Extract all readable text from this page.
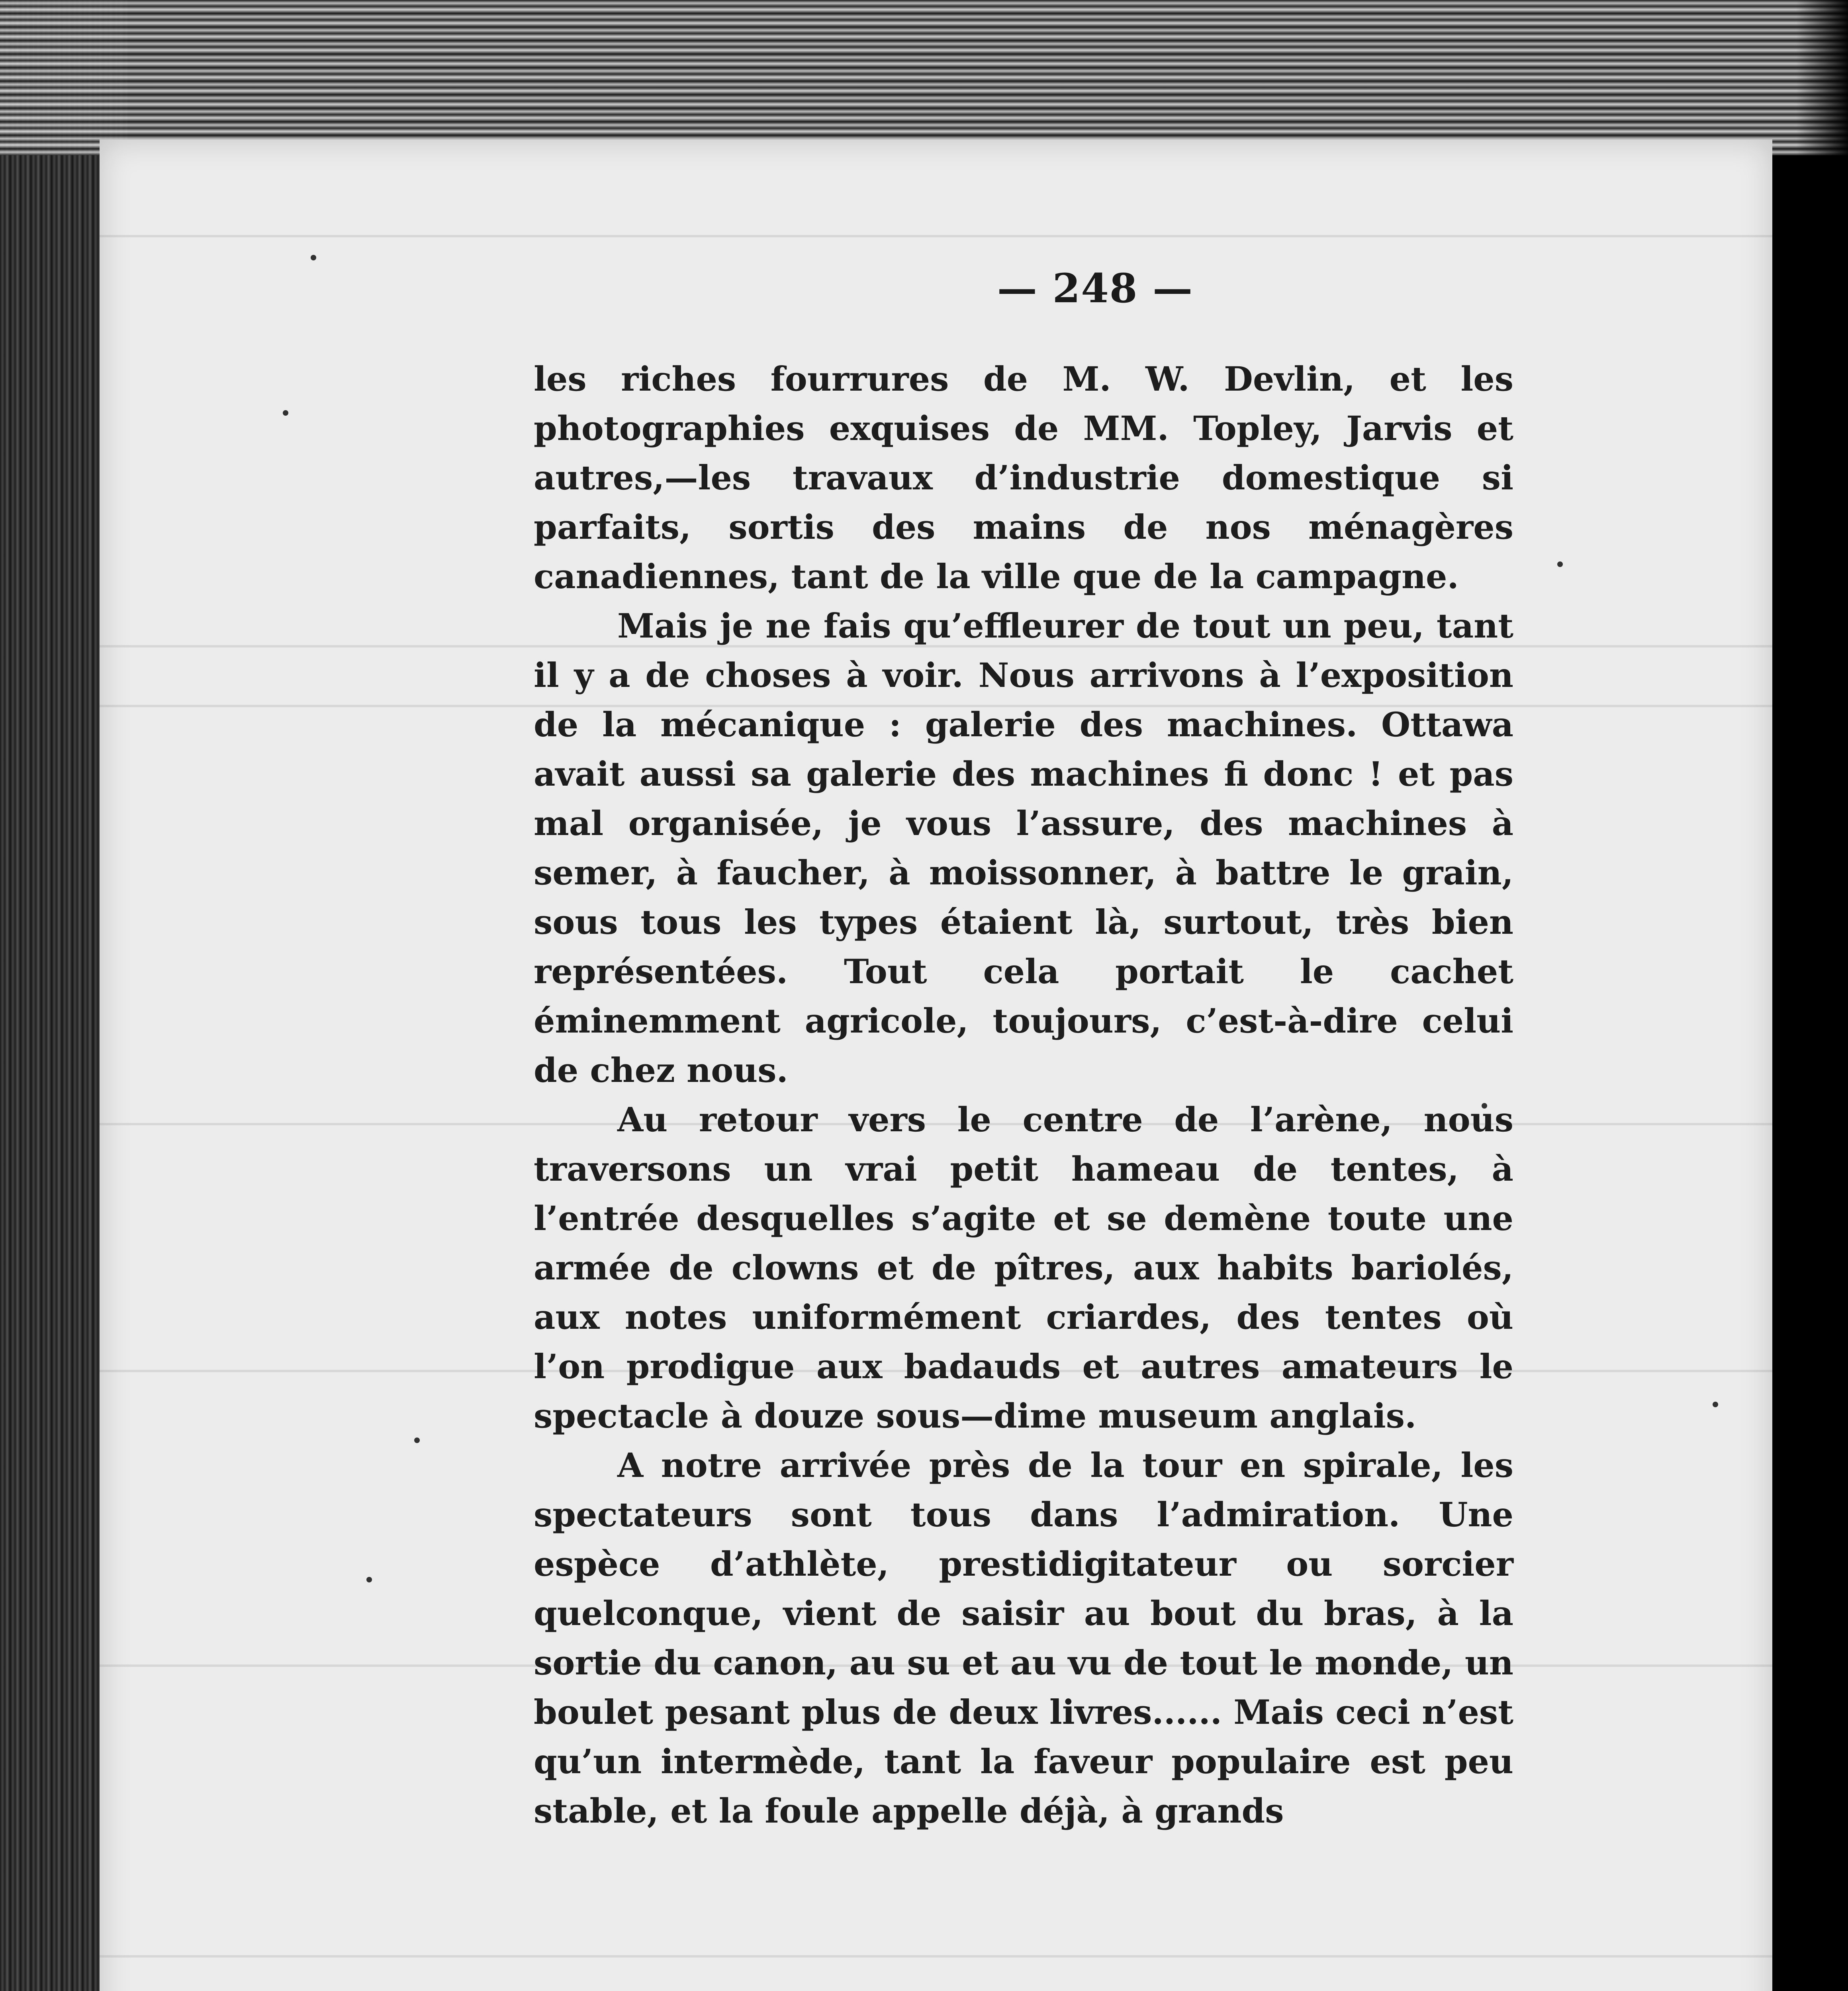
— 248 —

les riches fourrures de M. W. Devlin, et les photographies exquises de MM. Topley, Jarvis et autres,—les travaux d’industrie domestique si parfaits, sortis des mains de nos ménagères canadiennes, tant de la ville que de la campagne.

Mais je ne fais qu’effleurer de tout un peu, tant il y a de choses à voir. Nous arrivons à l’exposition de la mécanique : galerie des machines. Ottawa avait aussi sa galerie des machines fi donc ! et pas mal organisée, je vous l’assure, des machines à semer, à faucher, à moissonner, à battre le grain, sous tous les types étaient là, surtout, très bien représentées. Tout cela portait le cachet éminemment agricole, toujours, c’est-à-dire celui de chez nous.

Au retour vers le centre de l’arène, nous traversons un vrai petit hameau de tentes, à l’entrée desquelles s’agite et se demène toute une armée de clowns et de pîtres, aux habits bariolés, aux notes uniformément criardes, des tentes où l’on prodigue aux badauds et autres amateurs le spectacle à douze sous—dime museum anglais.

A notre arrivée près de la tour en spirale, les spectateurs sont tous dans l’admiration. Une espèce d’athlète, prestidigitateur ou sorcier quelconque, vient de saisir au bout du bras, à la sortie du canon, au su et au vu de tout le monde, un boulet pesant plus de deux livres...... Mais ceci n’est qu’un intermède, tant la faveur populaire est peu stable, et la foule appelle déjà, à grands
